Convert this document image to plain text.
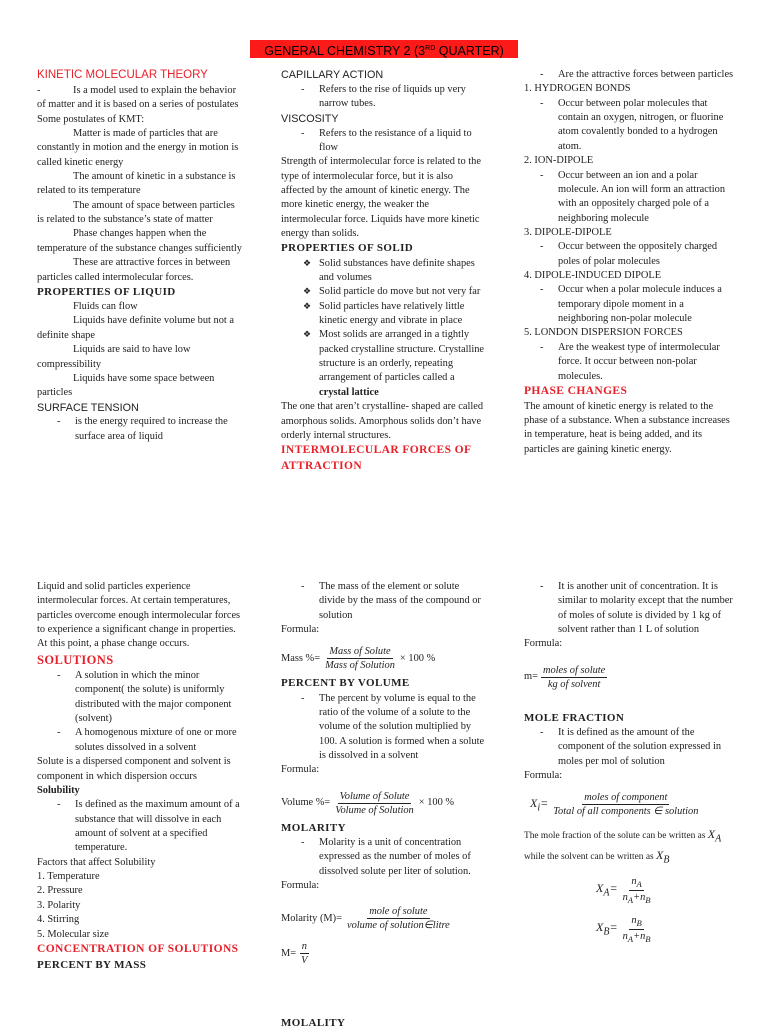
GENERAL CHEMISTRY 2 (3RD QUARTER)

KINETIC MOLECULAR THEORY

-	Is a model used to explain the behavior of matter and it is based on a series of postulates

Some postulates of KMT:

Matter is made of particles that are constantly in motion and the energy in motion is called kinetic energy

The amount of kinetic in a substance is related to its temperature

The amount of space between particles is related to the substance’s state of matter

Phase changes happen when the temperature of the substance changes sufficiently

These are attractive forces in between particles called intermolecular forces.

PROPERTIES OF LIQUID

Fluids can flow

Liquids have definite volume but not a definite shape

Liquids are said to have low compressibility

Liquids have some space between particles

SURFACE TENSION

- is the energy required to increase the surface area of liquid

CAPILLARY ACTION

- Refers to the rise of liquids up very narrow tubes.

VISCOSITY

- Refers to the resistance of a liquid to flow

Strength of intermolecular force is related to the type of intermolecular force, but it is also affected by the amount of kinetic energy. The more kinetic energy, the weaker the intermolecular force. Liquids have more kinetic energy than solids.

PROPERTIES OF SOLID

❖ Solid substances have definite shapes and volumes
❖ Solid particle do move but not very far
❖ Solid particles have relatively little kinetic energy and vibrate in place
❖ Most solids are arranged in a tightly packed crystalline structure. Crystalline structure is an orderly, repeating arrangement of particles called a crystal lattice

The one that aren’t crystalline- shaped are called amorphous solids. Amorphous solids don’t have orderly internal structures.

INTERMOLECULAR FORCES OF ATTRACTION

- Are the attractive forces between particles

1. HYDROGEN BONDS

- Occur between polar molecules that contain an oxygen, nitrogen, or fluorine atom covalently bonded to a hydrogen atom.

2. ION-DIPOLE

- Occur between an ion and a polar molecule. An ion will form an attraction with an oppositely charged pole of a neighboring molecule

3. DIPOLE-DIPOLE

- Occur between the oppositely charged poles of polar molecules

4. DIPOLE-INDUCED DIPOLE

- Occur when a polar molecule induces a temporary dipole moment in a neighboring non-polar molecule

5. LONDON DISPERSION FORCES

- Are the weakest type of intermolecular force. It occur between non-polar molecules.

PHASE CHANGES

The amount of kinetic energy is related to the phase of a substance. When a substance increases in temperature, heat is being added, and its particles are gaining kinetic energy.

Liquid and solid particles experience intermolecular forces. At certain temperatures, particles overcome enough intermolecular forces to experience a significant change in properties. At this point, a phase change occurs.

SOLUTIONS

- A solution in which the minor component( the solute) is uniformly distributed with the major component (solvent)
- A homogenous mixture of one or more solutes dissolved in a solvent

Solute is a dispersed component and solvent is component in which dispersion occurs

Solubility

- Is defined as the maximum amount of a substance that will dissolve in each amount of solvent at a specified temperature.

Factors that affect Solubility

1. Temperature

2. Pressure

3. Polarity

4. Stirring

5. Molecular size

CONCENTRATION OF SOLUTIONS

PERCENT BY MASS

- The mass of the element or solute divide by the mass of the compound or solution

Formula:

Mass %= $\frac{\text{Mass of Solute}}{\text{Mass of Solution}} \times 100$ %

PERCENT BY VOLUME

- The percent by volume is equal to the ratio of the volume of a solute to the volume of the solution multiplied by 100. A solution is formed when a solute is dissolved in a solvent

Formula:

Volume %= $\frac{\text{Volume of Solute}}{\text{Volume of Solution}} \times 100$ %

MOLARITY

- Molarity is a unit of concentration expressed as the number of moles of dissolved solute per liter of solution.

Formula:

Molarity $(M)= \frac{\text{mole of solute}}{\text{volume of solution∈litre}}$
$M= \frac{n}{V}$
- It is another unit of concentration. It is similar to molarity except that the number of moles of solute is divided by 1 kg of solvent rather than 1 L of solution

Formula:

$m= \frac{\text{moles of solute}}{\text{kg of solvent}}$

MOLE FRACTION

- It is defined as the amount of the component of the solution expressed in moles per mol of solution

Formula:

$X_i= \frac{\text{moles of component}}{\text{Total of all components ∈ solution}}$

The mole fraction of the solute can be written as $X_A$ while the solvent can be written as $X_B$

$X_A= \frac{n_A}{n_A+n_B}$
$X_B= \frac{n_B}{n_A+n_B}$

MOLALITY
